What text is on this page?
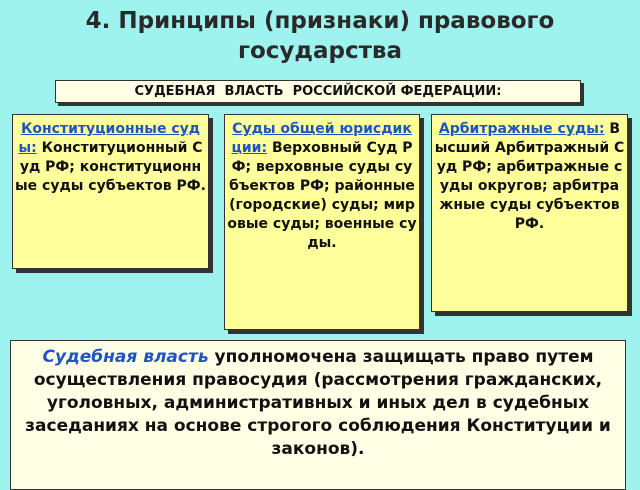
4. Принципы (признаки) правового государства
СУДЕБНАЯ  ВЛАСТЬ  РОССИЙСКОЙ ФЕДЕРАЦИИ:
Конституционные суды: Конституционный Суд РФ; конституционные суды субъектов РФ.
Суды общей юрисдикции: Верховный Суд РФ; верховные суды субъектов РФ; районные (городские) суды; мировые суды; военные суды.
Арбитражные суды: Высший Арбитражный Суд РФ; арбитражные суды округов; арбитражные суды субъектов РФ.
Судебная власть уполномочена защищать право путем осуществления правосудия (рассмотрения гражданских, уголовных, административных и иных дел в судебных заседаниях на основе строгого соблюдения Конституции и законов).
